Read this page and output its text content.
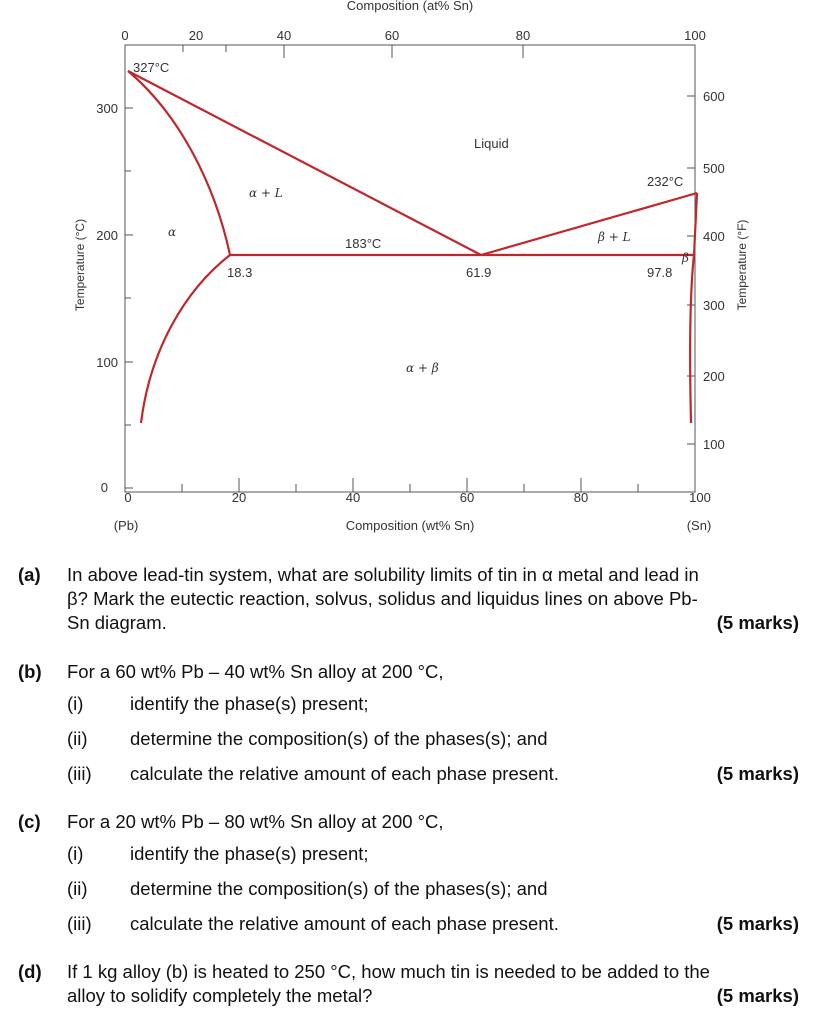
Composition (at% Sn)
0	20	40	60	80	100
0	20	40	60	80	100
Composition (wt% Sn)
(Pb)	(Sn)
0
100
200
300
Temperature (°C)
100
200
300
400
500
600
Temperature (°F)
327°C
232°C
183°C
18.3	61.9	97.8
Liquid
α + L
α	β + L
α + β
β
(a) In above lead-tin system, what are solubility limits of tin in α metal and lead in
β? Mark the eutectic reaction, solvus, solidus and liquidus lines on above Pb-
Sn diagram.	(5 marks)
(b) For a 60 wt% Pb – 40 wt% Sn alloy at 200 °C,
(i)	identify the phase(s) present;
(ii) determine the composition(s) of the phases(s); and
(iii) calculate the relative amount of each phase present.	(5 marks)
(c) For a 20 wt% Pb – 80 wt% Sn alloy at 200 °C,
(i)	identify the phase(s) present;
(ii) determine the composition(s) of the phases(s); and
(iii) calculate the relative amount of each phase present.	(5 marks)
(d) If 1 kg alloy (b) is heated to 250 °C, how much tin is needed to be added to the
alloy to solidify completely the metal?	(5 marks)
